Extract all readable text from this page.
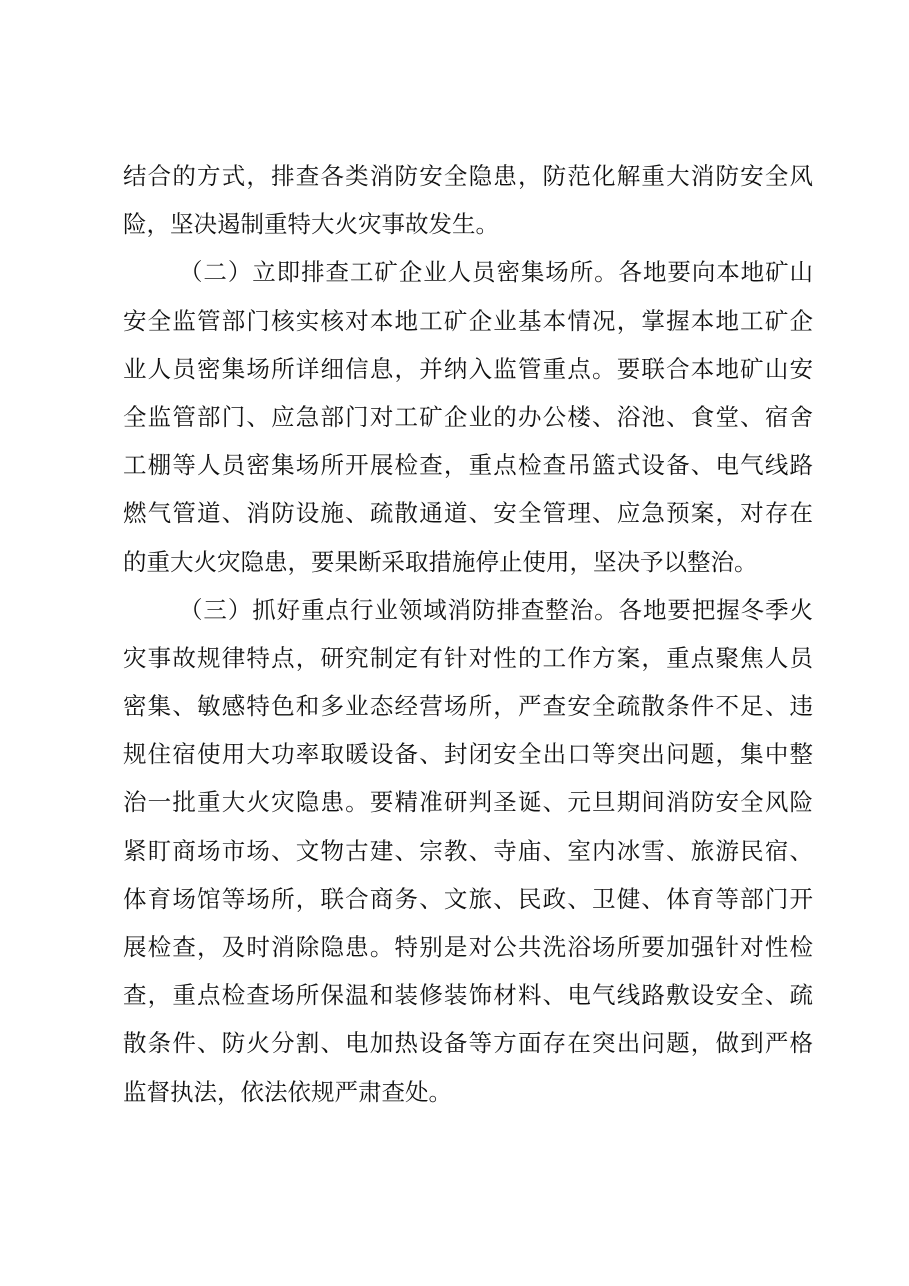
结合的方式，排查各类消防安全隐患，防范化解重大消防安全风
险，坚决遏制重特大火灾事故发生。
（二）立即排查工矿企业人员密集场所。各地要向本地矿山
安全监管部门核实核对本地工矿企业基本情况，掌握本地工矿企
业人员密集场所详细信息，并纳入监管重点。要联合本地矿山安
全监管部门、应急部门对工矿企业的办公楼、浴池、食堂、宿舍
工棚等人员密集场所开展检查，重点检查吊篮式设备、电气线路
燃气管道、消防设施、疏散通道、安全管理、应急预案，对存在
的重大火灾隐患，要果断采取措施停止使用，坚决予以整治。
（三）抓好重点行业领域消防排查整治。各地要把握冬季火
灾事故规律特点，研究制定有针对性的工作方案，重点聚焦人员
密集、敏感特色和多业态经营场所，严查安全疏散条件不足、违
规住宿使用大功率取暖设备、封闭安全出口等突出问题，集中整
治一批重大火灾隐患。要精准研判圣诞、元旦期间消防安全风险
紧盯商场市场、文物古建、宗教、寺庙、室内冰雪、旅游民宿、
体育场馆等场所，联合商务、文旅、民政、卫健、体育等部门开
展检查，及时消除隐患。特别是对公共洗浴场所要加强针对性检
查，重点检查场所保温和装修装饰材料、电气线路敷设安全、疏
散条件、防火分割、电加热设备等方面存在突出问题，做到严格
监督执法，依法依规严肃查处。
